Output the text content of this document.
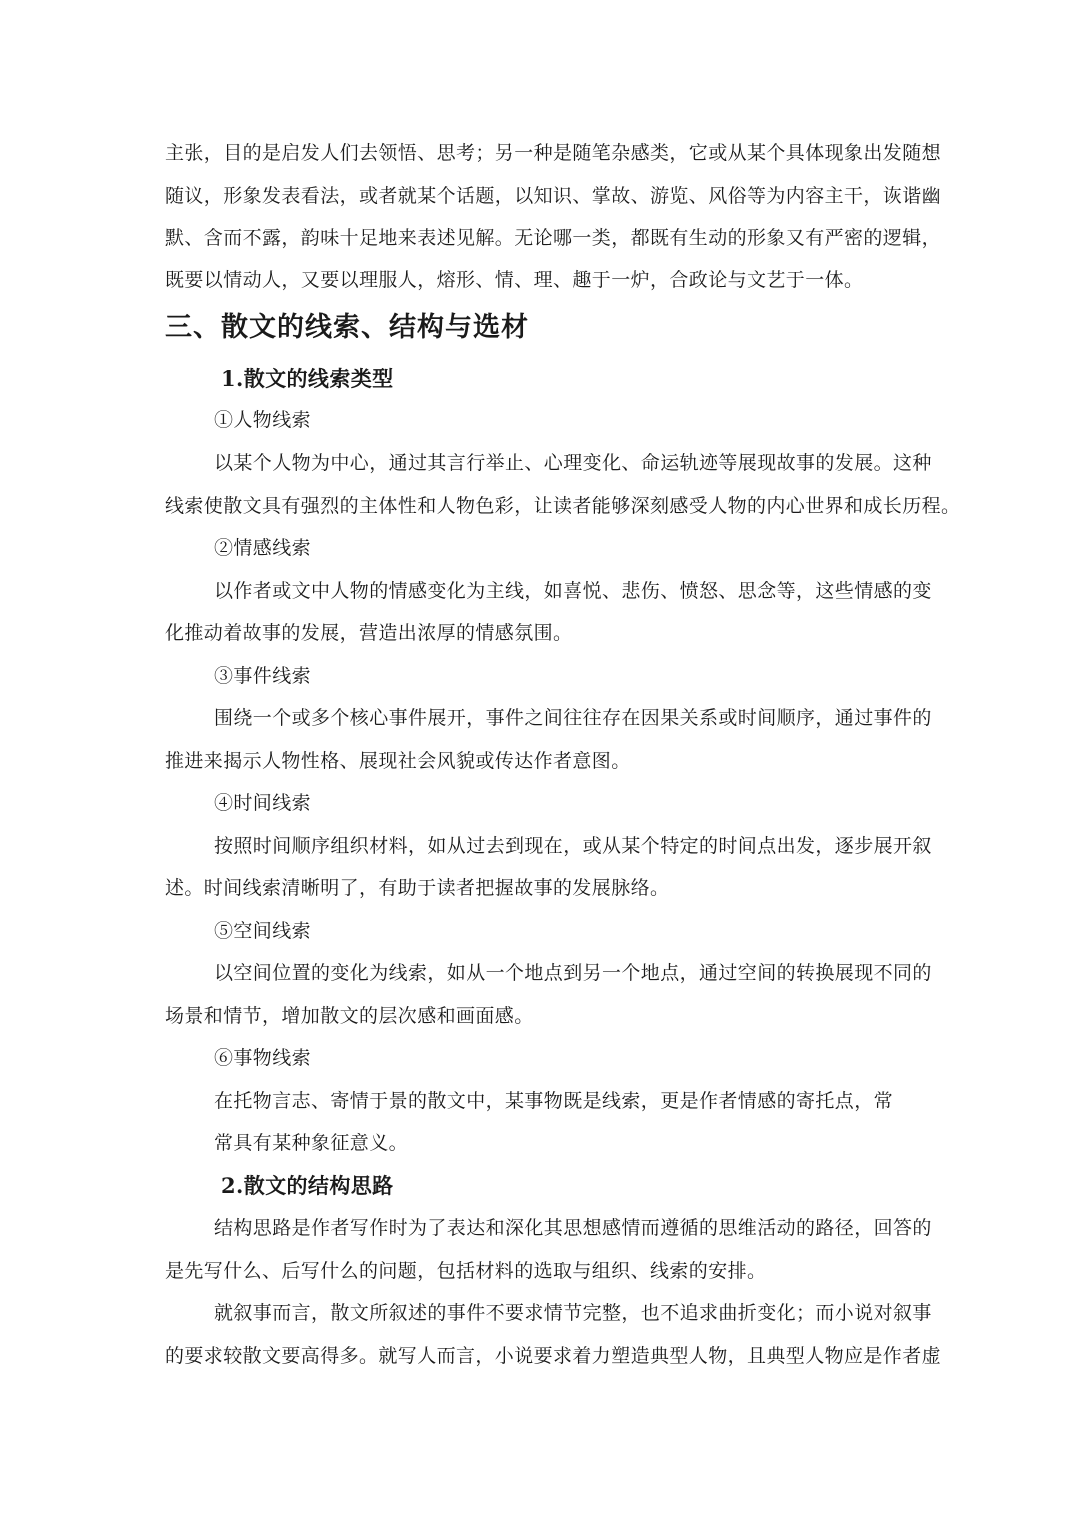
主张，目的是启发人们去领悟、思考；另一种是随笔杂感类，它或从某个具体现象出发随想
随议，形象发表看法，或者就某个话题，以知识、掌故、游览、风俗等为内容主干，诙谐幽
默、含而不露，韵味十足地来表述见解。无论哪一类，都既有生动的形象又有严密的逻辑，
既要以情动人，又要以理服人，熔形、情、理、趣于一炉，合政论与文艺于一体。
三、散文的线索、结构与选材
1.散文的线索类型
①人物线索
以某个人物为中心，通过其言行举止、心理变化、命运轨迹等展现故事的发展。这种
线索使散文具有强烈的主体性和人物色彩，让读者能够深刻感受人物的内心世界和成长历程。
②情感线索
以作者或文中人物的情感变化为主线，如喜悦、悲伤、愤怒、思念等，这些情感的变
化推动着故事的发展，营造出浓厚的情感氛围。
③事件线索
围绕一个或多个核心事件展开，事件之间往往存在因果关系或时间顺序，通过事件的
推进来揭示人物性格、展现社会风貌或传达作者意图。
④时间线索
按照时间顺序组织材料，如从过去到现在，或从某个特定的时间点出发，逐步展开叙
述。时间线索清晰明了，有助于读者把握故事的发展脉络。
⑤空间线索
以空间位置的变化为线索，如从一个地点到另一个地点，通过空间的转换展现不同的
场景和情节，增加散文的层次感和画面感。
⑥事物线索
在托物言志、寄情于景的散文中，某事物既是线索，更是作者情感的寄托点，常
常具有某种象征意义。
2.散文的结构思路
结构思路是作者写作时为了表达和深化其思想感情而遵循的思维活动的路径，回答的
是先写什么、后写什么的问题，包括材料的选取与组织、线索的安排。
就叙事而言，散文所叙述的事件不要求情节完整，也不追求曲折变化；而小说对叙事
的要求较散文要高得多。就写人而言，小说要求着力塑造典型人物，且典型人物应是作者虚
